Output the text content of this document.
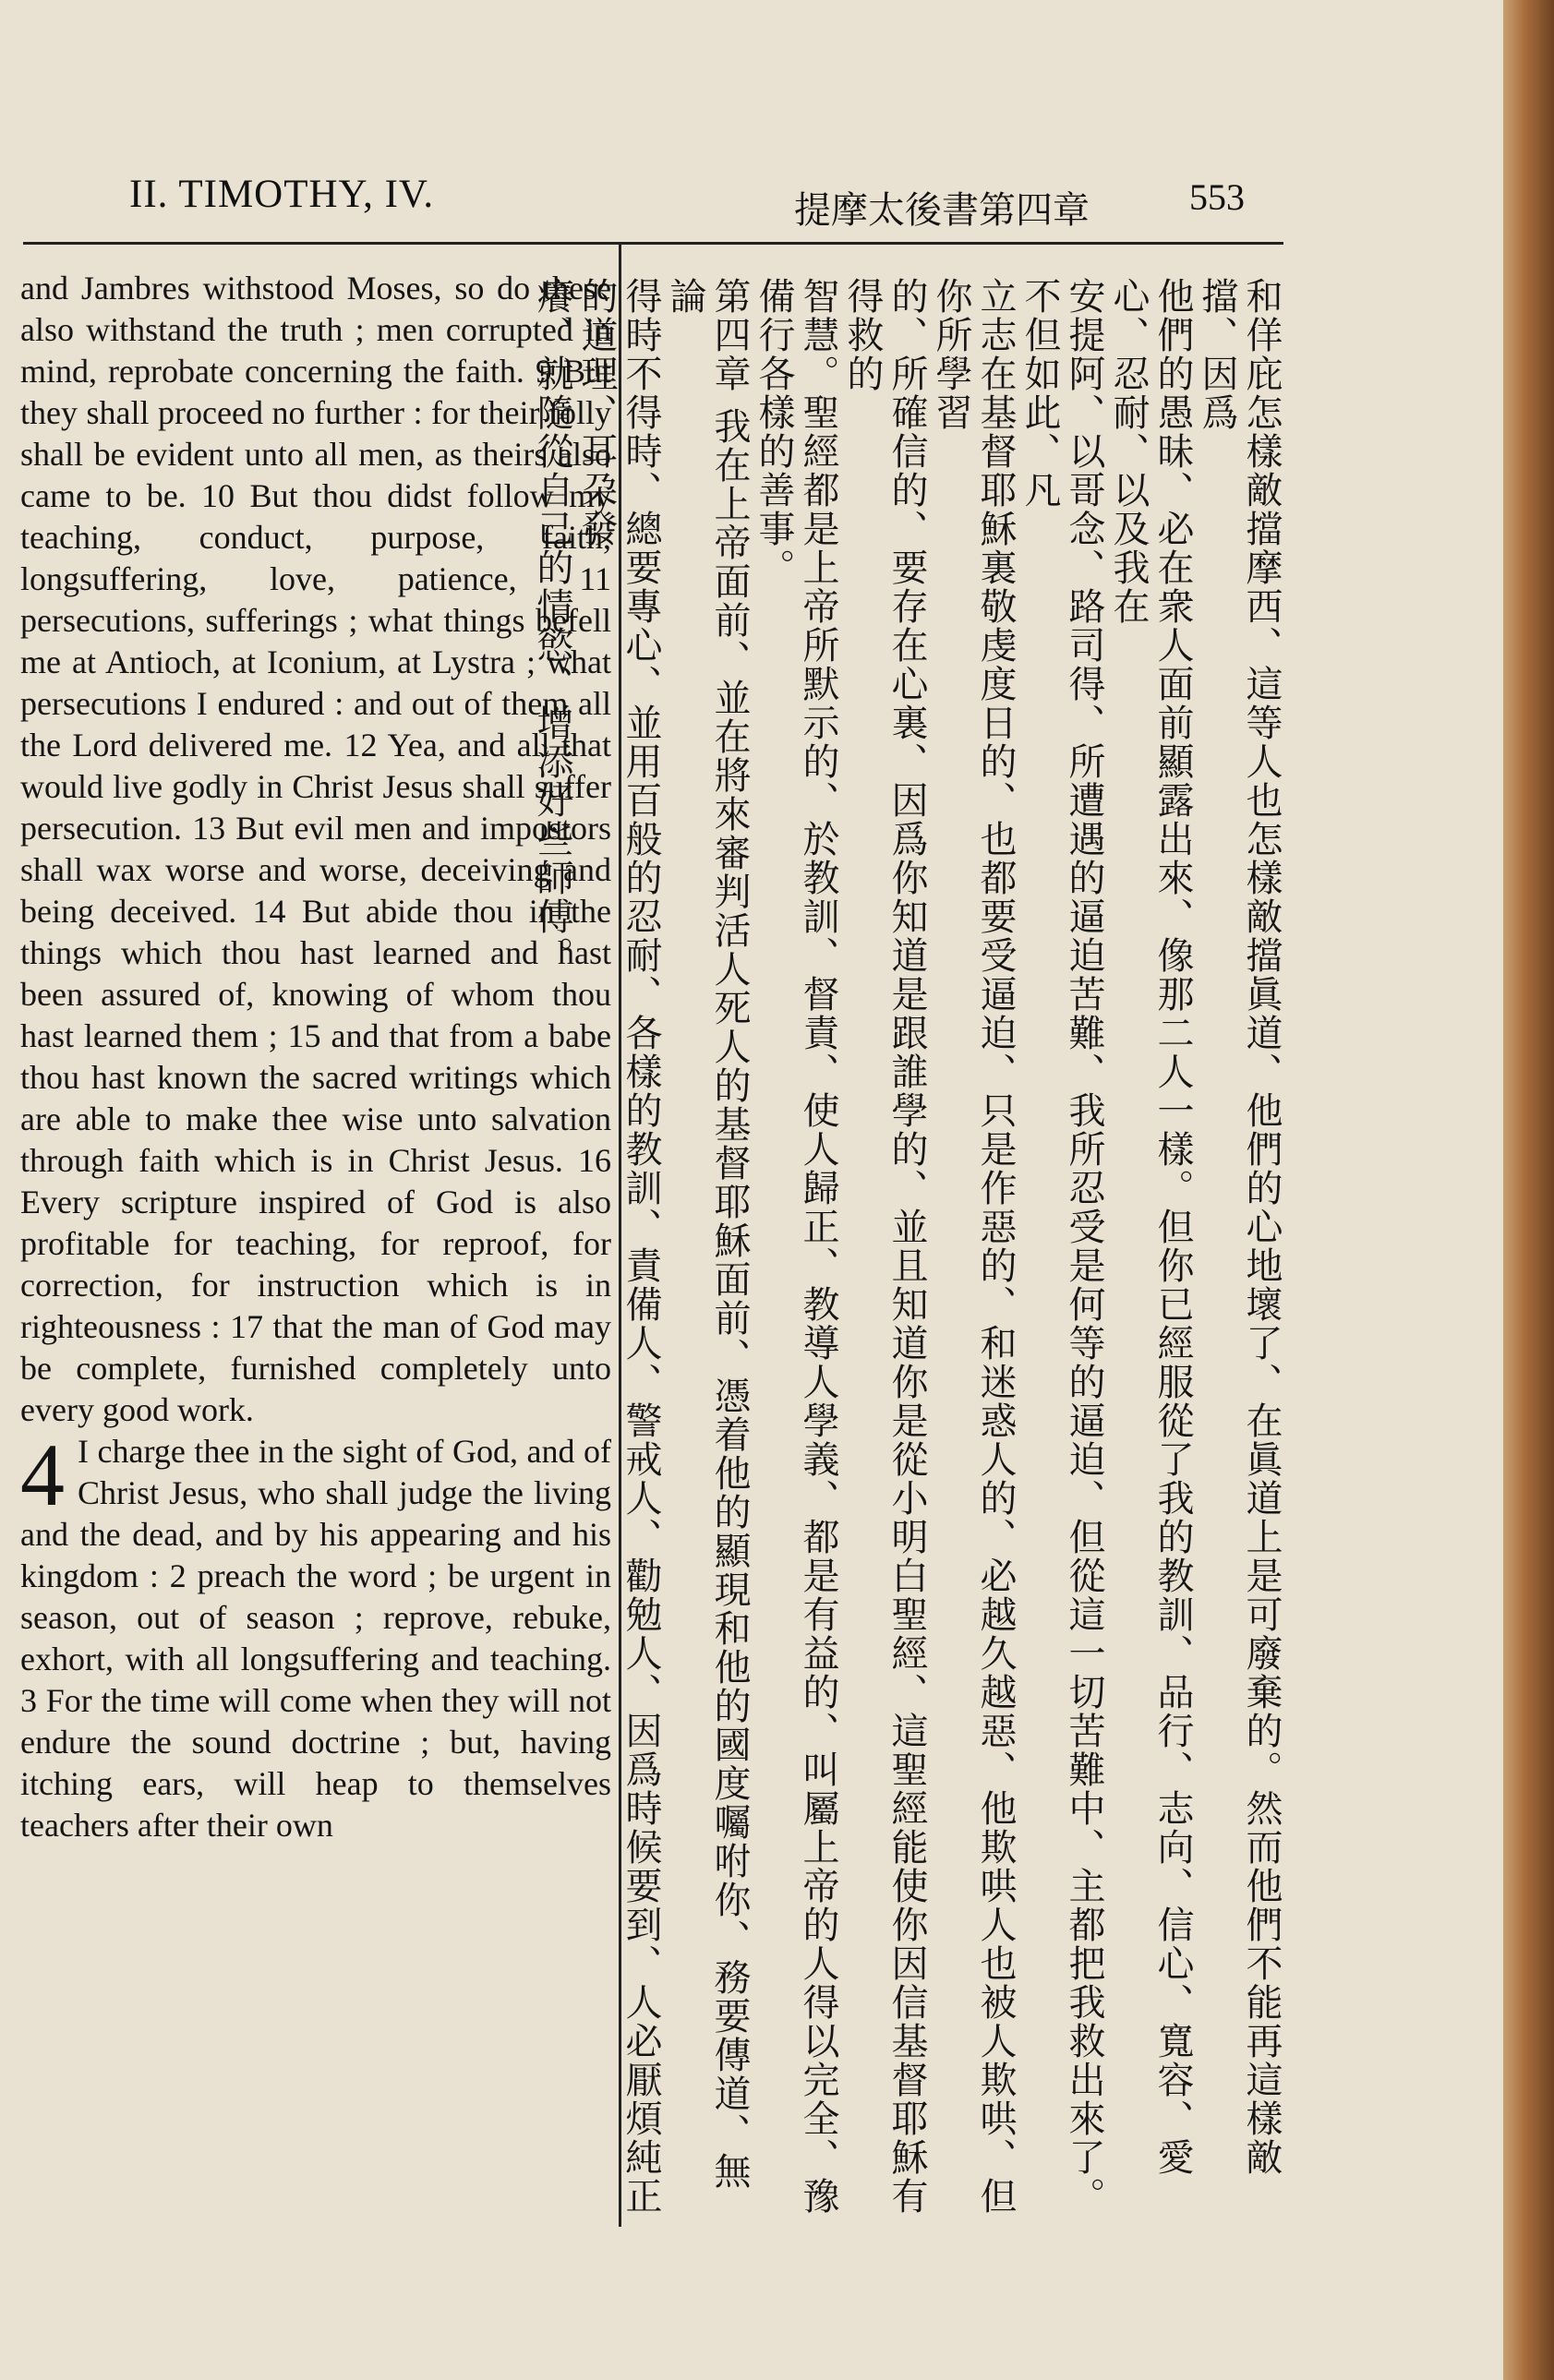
II. TIMOTHY, IV.	提摩太後書第四章	553

and Jambres withstood Moses, so do these also withstand the truth ; men corrupted in mind, reprobate concerning the faith. 9 But they shall proceed no further : for their folly shall be evident unto all men, as theirs also came to be. 10 But thou didst follow my teaching, conduct, purpose, faith, longsuffering, love, patience, 11 persecutions, sufferings ; what things befell me at Antioch, at Iconium, at Lystra ; what persecutions I endured : and out of them all the Lord delivered me. 12 Yea, and all that would live godly in Christ Jesus shall suffer persecution. 13 But evil men and impostors shall wax worse and worse, deceiving and being deceived. 14 But abide thou in the things which thou hast learned and hast been assured of, knowing of whom thou hast learned them ; 15 and that from a babe thou hast known the sacred writings which are able to make thee wise unto salvation through faith which is in Christ Jesus. 16 Every scripture inspired of God is also profitable for teaching, for reproof, for correction, for instruction which is in righteousness : 17 that the man of God may be complete, furnished completely unto every good work.

4 I charge thee in the sight of God, and of Christ Jesus, who shall judge the living and the dead, and by his appearing and his kingdom : 2 preach the word ; be urgent in season, out of season ; reprove, rebuke, exhort, with all longsuffering and teaching. 3 For the time will come when they will not endure the sound doctrine ; but, having itching ears, will heap to themselves teachers after their own	和佯庇怎樣敵擋摩西、這等人也怎樣敵擋眞道、他們的心地壞了、在眞道上是可廢棄的。然而他們不能再這樣敵擋、因爲
他們的愚昧、必在衆人面前顯露出來、像那二人一樣。但你已經服從了我的教訓、品行、志向、信心、寬容、愛心、忍耐、以及我在
安提阿、以哥念、路司得、所遭遇的逼迫苦難、我所忍受是何等的逼迫、但從這一切苦難中、主都把我救出來了。不但如此、凡
立志在基督耶穌裏敬虔度日的、也都要受逼迫、只是作惡的、和迷惑人的、必越久越惡、他欺哄人也被人欺哄、但你所學習
的、所確信的、要存在心裏、因爲你知道是跟誰學的、並且知道你是從小明白聖經、這聖經能使你因信基督耶穌有得救的
智慧。聖經都是上帝所默示的、於教訓、督責、使人歸正、教導人學義、都是有益的、叫屬上帝的人得以完全、豫
備行各樣的善事。
第四章 我在上帝面前、並在將來審判活人死人的基督耶穌面前、憑着他的顯現和他的國度囑咐你、務要傳道、無論
得時不得時、總要專心、並用百般的忍耐、各樣的教訓、責備人、警戒人、勸勉人、因爲時候要到、人必厭煩純正的道理、耳朶發
癢、就隨從自己的情慾、增添好些師傅。
